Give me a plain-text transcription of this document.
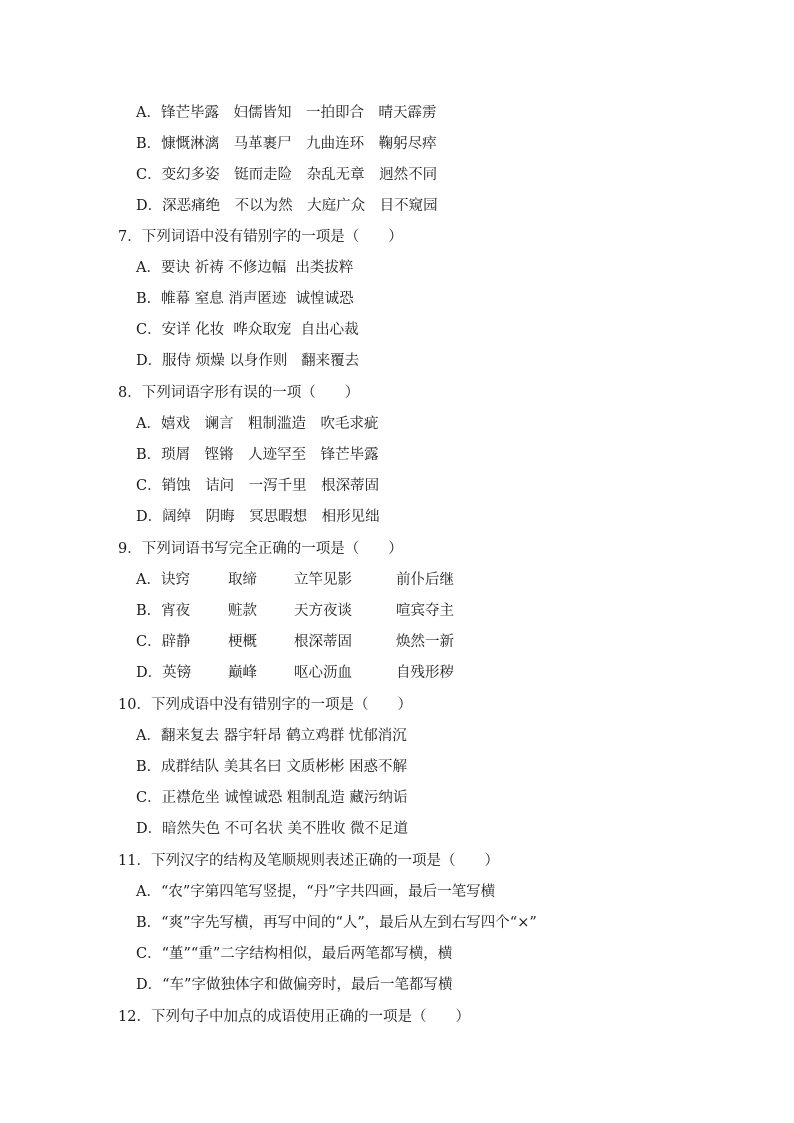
A．锋芒毕露　妇儒皆知　一拍即合　晴天霹雳
B．慷慨淋漓　马革裹尸　九曲连环　鞠躬尽瘁
C．变幻多姿　铤而走险　杂乱无章　迥然不同
D．深恶痛绝　不以为然　大庭广众　目不窥园
7．下列词语中没有错别字的一项是（　　）
A．要诀 祈祷 不修边幅  出类拔粹
B．帷幕 窒息 消声匿迹  诚惶诚恐
C．安详 化妆  哗众取宠  自出心裁
D．服侍 烦燥 以身作则   翻来覆去
8．下列词语字形有误的一项（　　）
A．嬉戏　谰言　粗制滥造　吹毛求疵
B．琐屑　铿锵　人迹罕至　锋芒毕露
C．销蚀　诘问　一泻千里　根深蒂固
D．阔绰　阴晦　冥思暇想　相形见绌
9．下列词语书写完全正确的一项是（　　）
A．诀窍	取缔	立竿见影	前仆后继
B．宵夜	赃款	天方夜谈	喧宾夺主
C．辟静	梗概	根深蒂固	焕然一新
D．英镑	巅峰	呕心沥血	自残形秽
10．下列成语中没有错别字的一项是（　　）
A．翻来复去 器宇轩昂 鹤立鸡群 忧郁消沉
B．成群结队 美其名曰 文质彬彬 困惑不解
C．正襟危坐 诚惶诚恐 粗制乱造 藏污纳诟
D．暗然失色 不可名状 美不胜收 微不足道
11．下列汉字的结构及笔顺规则表述正确的一项是（　　）
A．“农”字第四笔写竖提，“丹”字共四画，最后一笔写横
B．“爽”字先写横，再写中间的“人”，最后从左到右写四个“×”
C．“堇”“重”二字结构相似，最后两笔都写横，横
D．“车”字做独体字和做偏旁时，最后一笔都写横
12．下列句子中加点的成语使用正确的一项是（　　）
